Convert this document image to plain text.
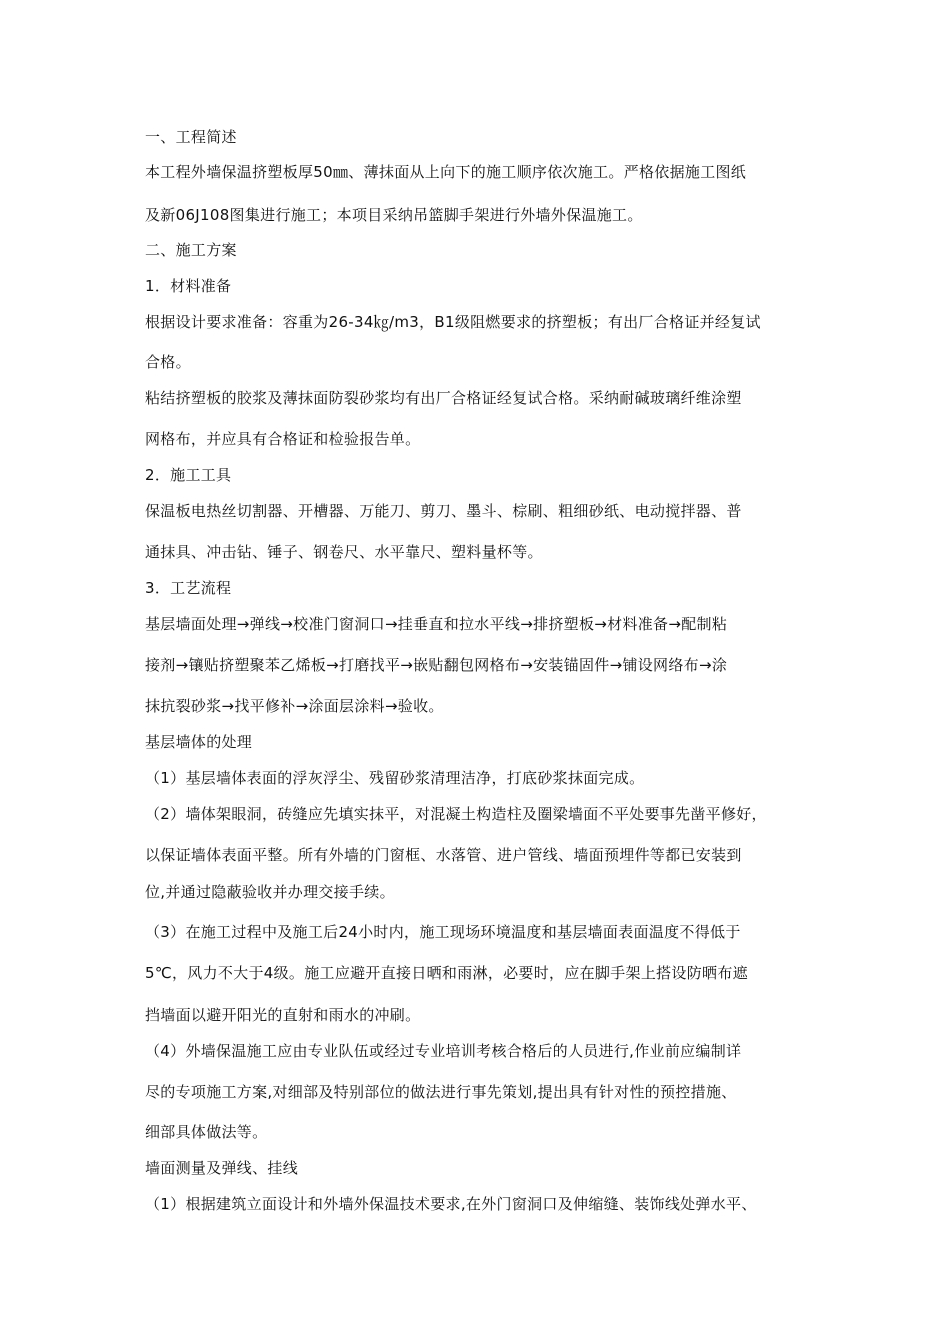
一、工程简述
本工程外墙保温挤塑板厚50㎜、薄抹面从上向下的施工顺序依次施工。严格依据施工图纸
及新06J108图集进行施工；本项目采纳吊篮脚手架进行外墙外保温施工。
二、施工方案
1．材料准备
根据设计要求准备：容重为26-34㎏/m3，B1级阻燃要求的挤塑板；有出厂合格证并经复试
合格。
粘结挤塑板的胶浆及薄抹面防裂砂浆均有出厂合格证经复试合格。采纳耐碱玻璃纤维涂塑
网格布，并应具有合格证和检验报告单。
2．施工工具
保温板电热丝切割器、开槽器、万能刀、剪刀、墨斗、棕刷、粗细砂纸、电动搅拌器、普
通抹具、冲击钻、锤子、钢卷尺、水平靠尺、塑料量杯等。
3．工艺流程
基层墙面处理→弹线→校准门窗洞口→挂垂直和拉水平线→排挤塑板→材料准备→配制粘
接剂→镶贴挤塑聚苯乙烯板→打磨找平→嵌贴翻包网格布→安装锚固件→铺设网络布→涂
抹抗裂砂浆→找平修补→涂面层涂料→验收。
基层墙体的处理
（1）基层墙体表面的浮灰浮尘、残留砂浆清理洁净，打底砂浆抹面完成。
（2）墙体架眼洞，砖缝应先填实抹平，对混凝土构造柱及圈梁墙面不平处要事先凿平修好，
以保证墙体表面平整。所有外墙的门窗框、水落管、进户管线、墙面预埋件等都已安装到
位,并通过隐蔽验收并办理交接手续。
（3）在施工过程中及施工后24小时内，施工现场环境温度和基层墙面表面温度不得低于
5℃，风力不大于4级。施工应避开直接日晒和雨淋，必要时，应在脚手架上搭设防晒布遮
挡墙面以避开阳光的直射和雨水的冲刷。
（4）外墙保温施工应由专业队伍或经过专业培训考核合格后的人员进行,作业前应编制详
尽的专项施工方案,对细部及特别部位的做法进行事先策划,提出具有针对性的预控措施、
细部具体做法等。
墙面测量及弹线、挂线
（1）根据建筑立面设计和外墙外保温技术要求,在外门窗洞口及伸缩缝、装饰线处弹水平、
